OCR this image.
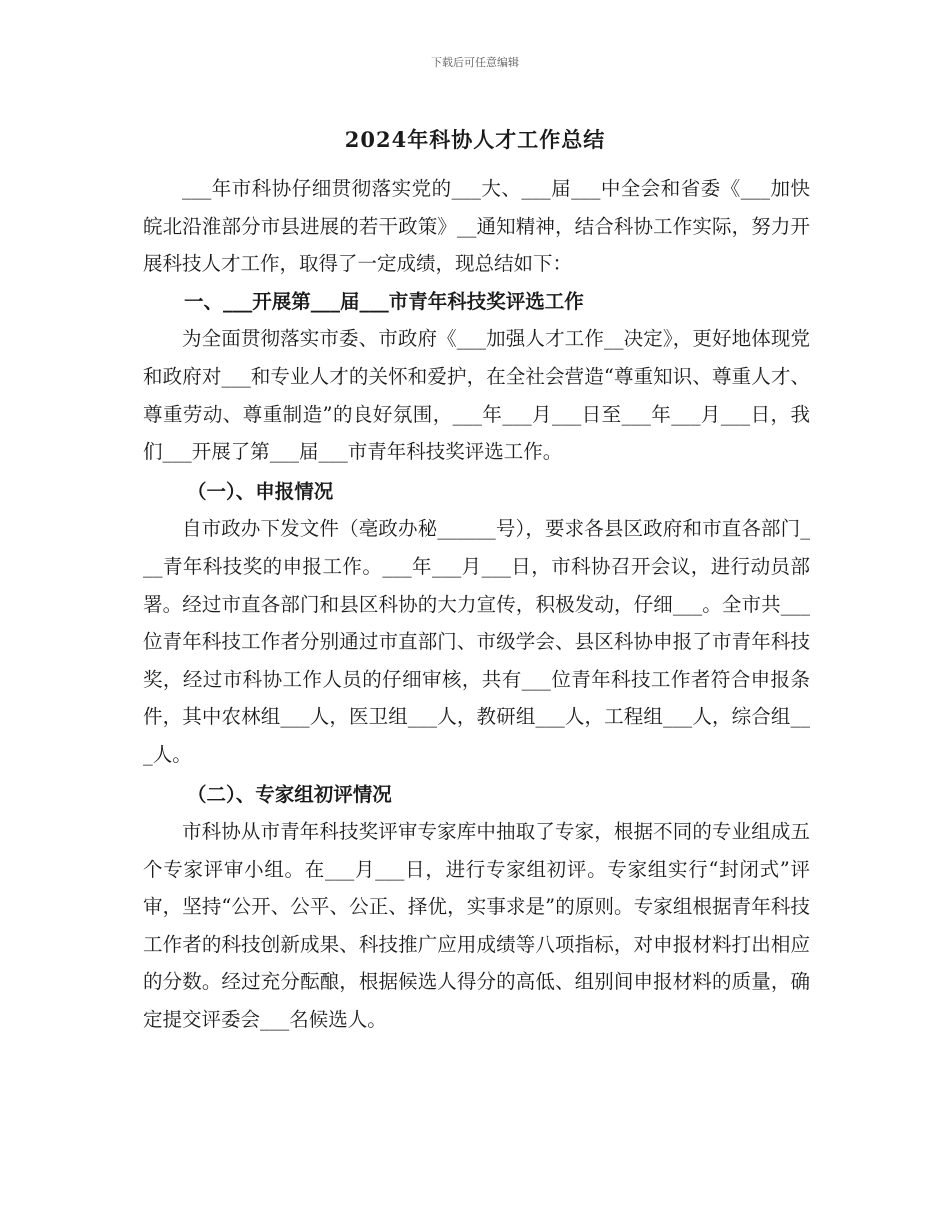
下载后可任意编辑
2024年科协人才工作总结

___年市科协仔细贯彻落实党的___大、___届___中全会和省委《___加快皖北沿淮部分市县进展的若干政策》__通知精神，结合科协工作实际，努力开展科技人才工作，取得了一定成绩，现总结如下：

一、___开展第___届___市青年科技奖评选工作

为全面贯彻落实市委、市政府《___加强人才工作__决定》，更好地体现党和政府对___和专业人才的关怀和爱护，在全社会营造“尊重知识、尊重人才、尊重劳动、尊重制造”的良好氛围，___年___月___日至___年___月___日，我们___开展了第___届___市青年科技奖评选工作。

（一）、申报情况

自市政办下发文件（亳政办秘______号），要求各县区政府和市直各部门___青年科技奖的申报工作。___年___月___日，市科协召开会议，进行动员部署。经过市直各部门和县区科协的大力宣传，积极发动，仔细___。全市共___位青年科技工作者分别通过市直部门、市级学会、县区科协申报了市青年科技奖，经过市科协工作人员的仔细审核，共有___位青年科技工作者符合申报条件，其中农林组___人，医卫组___人，教研组___人，工程组___人，综合组___人。

（二）、专家组初评情况

市科协从市青年科技奖评审专家库中抽取了专家，根据不同的专业组成五个专家评审小组。在___月___日，进行专家组初评。专家组实行“封闭式”评审，坚持“公开、公平、公正、择优，实事求是”的原则。专家组根据青年科技工作者的科技创新成果、科技推广应用成绩等八项指标，对申报材料打出相应的分数。经过充分酝酿，根据候选人得分的高低、组别间申报材料的质量，确定提交评委会___名候选人。
